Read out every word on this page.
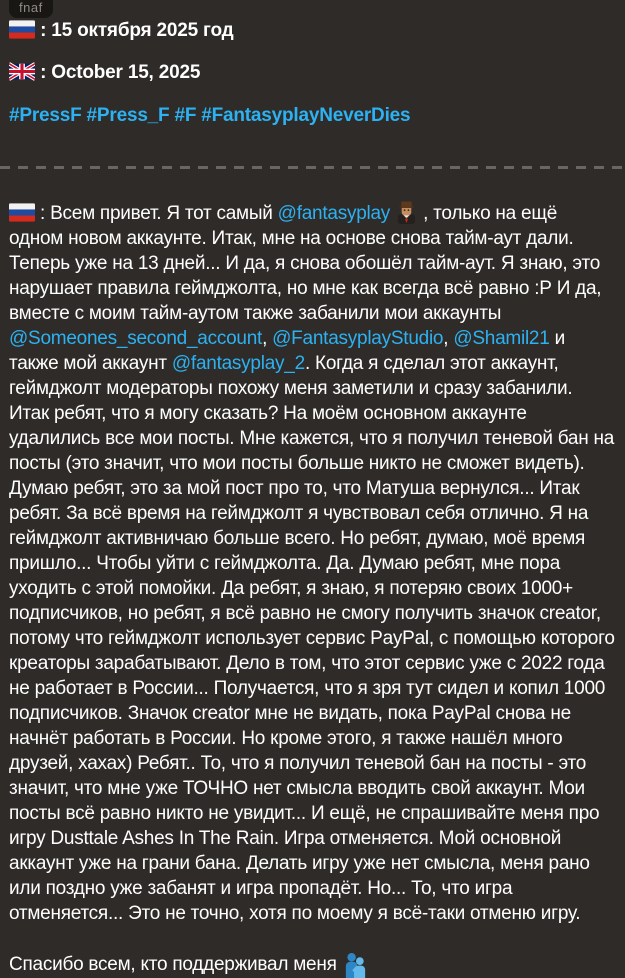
fnaf
: 15 октября 2025 год
: October 15, 2025
#PressF #Press_F #F #FantasyplayNeverDies

: Всем привет. Я тот самый @fantasyplay , только на ещё одном новом аккаунте. Итак, мне на основе снова тайм-аут дали. Теперь уже на 13 дней... И да, я снова обошёл тайм-аут. Я знаю, это нарушает правила геймджолта, но мне как всегда всё равно :Р И да, вместе с моим тайм-аутом также забанили мои аккаунты @Someones_second_account, @FantasyplayStudio, @Shamil21 и также мой аккаунт @fantasyplay_2. Когда я сделал этот аккаунт, геймджолт модераторы похожу меня заметили и сразу забанили. Итак ребят, что я могу сказать? На моём основном аккаунте удалились все мои посты. Мне кажется, что я получил теневой бан на посты (это значит, что мои посты больше никто не сможет видеть). Думаю ребят, это за мой пост про то, что Матуша вернулся... Итак ребят. За всё время на геймджолт я чувствовал себя отлично. Я на геймджолт активничаю больше всего. Но ребят, думаю, моё время пришло... Чтобы уйти с геймджолта. Да. Думаю ребят, мне пора уходить с этой помойки. Да ребят, я знаю, я потеряю своих 1000+ подписчиков, но ребят, я всё равно не смогу получить значок creator, потому что геймджолт использует сервис PayPal, с помощью которого креаторы зарабатывают. Дело в том, что этот сервис уже с 2022 года не работает в России... Получается, что я зря тут сидел и копил 1000 подписчиков. Значок creator мне не видать, пока PayPal снова не начнёт работать в России. Но кроме этого, я также нашёл много друзей, хахах) Ребят.. То, что я получил теневой бан на посты - это значит, что мне уже ТОЧНО нет смысла вводить свой аккаунт. Мои посты всё равно никто не увидит... И ещё, не спрашивайте меня про игру Dusttale Ashes In The Rain. Игра отменяется. Мой основной аккаунт уже на грани бана. Делать игру уже нет смысла, меня рано или поздно уже забанят и игра пропадёт. Но... То, что игра отменяется... Это не точно, хотя по моему я всё-таки отменю игру.

Спасибо всем, кто поддерживал меня
